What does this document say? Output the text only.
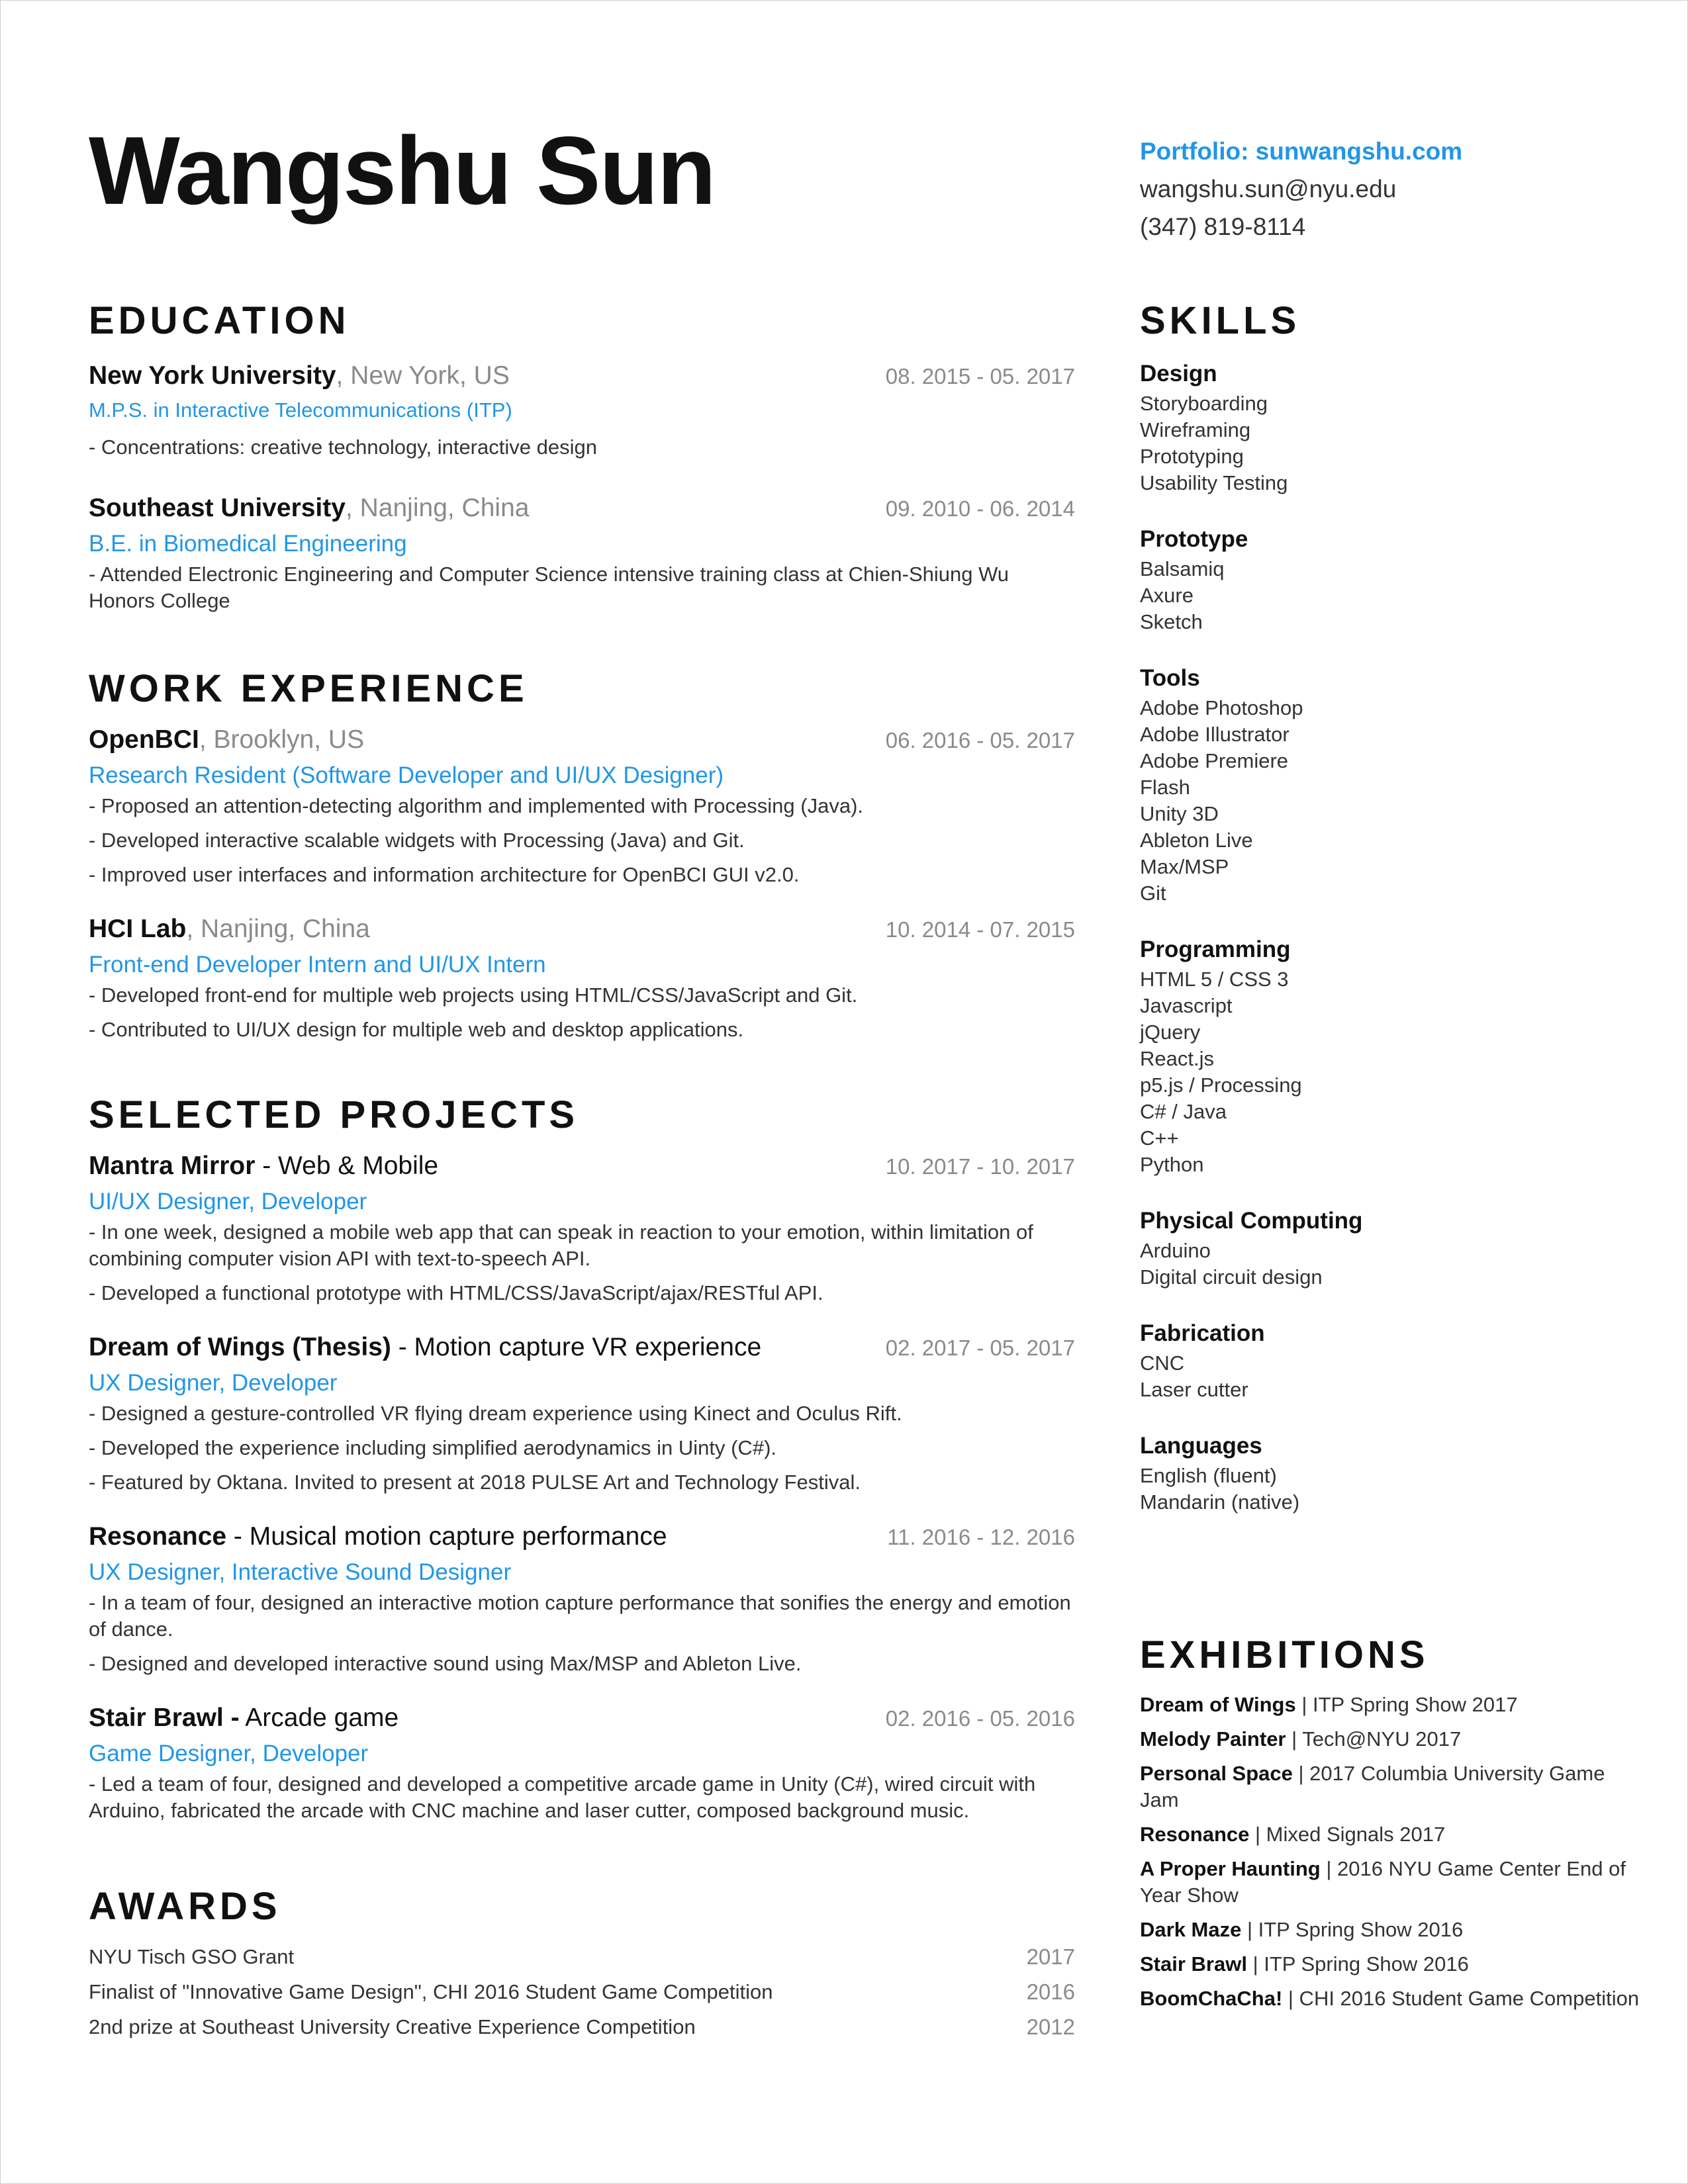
Wangshu Sun	Portfolio: sunwangshu.com
wangshu.sun@nyu.edu
(347) 819-8114
EDUCATION
New York University, New York, US	08. 2015 - 05. 2017
M.P.S. in Interactive Telecommunications (ITP)
- Concentrations: creative technology, interactive design
Southeast University, Nanjing, China	09. 2010 - 06. 2014
B.E. in Biomedical Engineering
- Attended Electronic Engineering and Computer Science intensive training class at Chien-Shiung Wu Honors College
WORK EXPERIENCE
OpenBCI, Brooklyn, US	06. 2016 - 05. 2017
Research Resident (Software Developer and UI/UX Designer)
- Proposed an attention-detecting algorithm and implemented with Processing (Java).
- Developed interactive scalable widgets with Processing (Java) and Git.
- Improved user interfaces and information architecture for OpenBCI GUI v2.0.
HCI Lab, Nanjing, China	10. 2014 - 07. 2015
Front-end Developer Intern and UI/UX Intern
- Developed front-end for multiple web projects using HTML/CSS/JavaScript and Git.
- Contributed to UI/UX design for multiple web and desktop applications.
SELECTED PROJECTS
Mantra Mirror - Web & Mobile	10. 2017 - 10. 2017
UI/UX Designer, Developer
- In one week, designed a mobile web app that can speak in reaction to your emotion, within limitation of combining computer vision API with text-to-speech API.
- Developed a functional prototype with HTML/CSS/JavaScript/ajax/RESTful API.
Dream of Wings (Thesis) - Motion capture VR experience	02. 2017 - 05. 2017
UX Designer, Developer
- Designed a gesture-controlled VR flying dream experience using Kinect and Oculus Rift.
- Developed the experience including simplified aerodynamics in Uinty (C#).
- Featured by Oktana. Invited to present at 2018 PULSE Art and Technology Festival.
Resonance - Musical motion capture performance	11. 2016 - 12. 2016
UX Designer, Interactive Sound Designer
- In a team of four, designed an interactive motion capture performance that sonifies the energy and emotion of dance.
- Designed and developed interactive sound using Max/MSP and Ableton Live.
Stair Brawl - Arcade game	02. 2016 - 05. 2016
Game Designer, Developer
- Led a team of four, designed and developed a competitive arcade game in Unity (C#), wired circuit with Arduino, fabricated the arcade with CNC machine and laser cutter, composed background music.
AWARDS
NYU Tisch GSO Grant	2017
Finalist of "Innovative Game Design", CHI 2016 Student Game Competition	2016
2nd prize at Southeast University Creative Experience Competition	2012
SKILLS
Design
Storyboarding
Wireframing
Prototyping
Usability Testing
Prototype
Balsamiq
Axure
Sketch
Tools
Adobe Photoshop
Adobe Illustrator
Adobe Premiere
Flash
Unity 3D
Ableton Live
Max/MSP
Git
Programming
HTML 5 / CSS 3
Javascript
jQuery
React.js
p5.js / Processing
C# / Java
C++
Python
Physical Computing
Arduino
Digital circuit design
Fabrication
CNC
Laser cutter
Languages
English (fluent)
Mandarin (native)
EXHIBITIONS
Dream of Wings | ITP Spring Show 2017
Melody Painter | Tech@NYU 2017
Personal Space | 2017 Columbia University Game Jam
Resonance | Mixed Signals 2017
A Proper Haunting | 2016 NYU Game Center End of Year Show
Dark Maze | ITP Spring Show 2016
Stair Brawl | ITP Spring Show 2016
BoomChaCha! | CHI 2016 Student Game Competition
